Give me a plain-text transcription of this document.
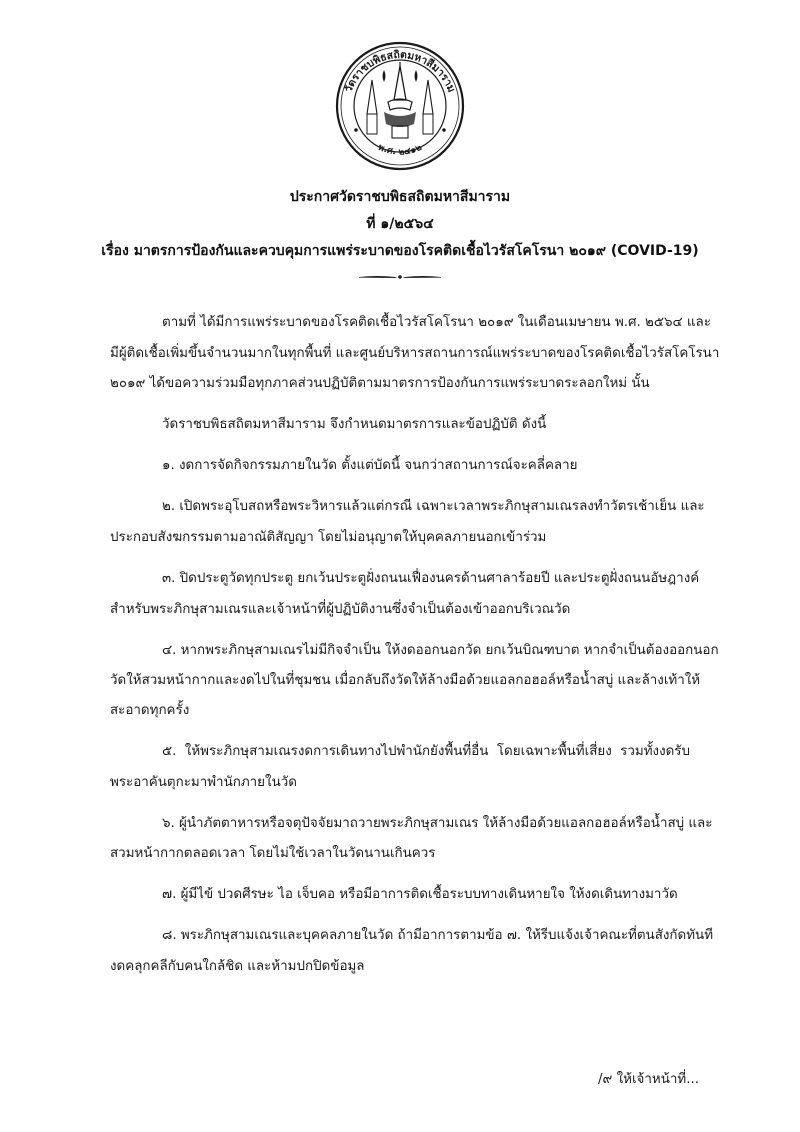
วัดราชบพิธสถิตมหาสีมาราม
พ.ศ. ๒๔๑๒
ประกาศวัดราชบพิธสถิตมหาสีมาราม
ที่ ๑/๒๕๖๔
เรื่อง มาตรการป้องกันและควบคุมการแพร่ระบาดของโรคติดเชื้อไวรัสโคโรนา ๒๐๑๙ (COVID-19)
ตามที่ ได้มีการแพร่ระบาดของโรคติดเชื้อไวรัสโคโรนา ๒๐๑๙ ในเดือนเมษายน พ.ศ. ๒๕๖๔ และ
มีผู้ติดเชื้อเพิ่มขึ้นจำนวนมากในทุกพื้นที่ และศูนย์บริหารสถานการณ์แพร่ระบาดของโรคติดเชื้อไวรัสโคโรนา
๒๐๑๙ ได้ขอความร่วมมือทุกภาคส่วนปฏิบัติตามมาตรการป้องกันการแพร่ระบาดระลอกใหม่ นั้น
วัดราชบพิธสถิตมหาสีมาราม จึงกำหนดมาตรการและข้อปฏิบัติ ดังนี้
๑. งดการจัดกิจกรรมภายในวัด ตั้งแต่บัดนี้ จนกว่าสถานการณ์จะคลี่คลาย
๒. เปิดพระอุโบสถหรือพระวิหารแล้วแต่กรณี เฉพาะเวลาพระภิกษุสามเณรลงทำวัตรเช้าเย็น และ
ประกอบสังฆกรรมตามอาณัติสัญญา โดยไม่อนุญาตให้บุคคลภายนอกเข้าร่วม
๓. ปิดประตูวัดทุกประตู ยกเว้นประตูฝั่งถนนเฟื่องนครด้านศาลาร้อยปี และประตูฝั่งถนนอัษฎางค์
สำหรับพระภิกษุสามเณรและเจ้าหน้าที่ผู้ปฏิบัติงานซึ่งจำเป็นต้องเข้าออกบริเวณวัด
๔. หากพระภิกษุสามเณรไม่มีกิจจำเป็น ให้งดออกนอกวัด ยกเว้นบิณฑบาต หากจำเป็นต้องออกนอก
วัดให้สวมหน้ากากและงดไปในที่ชุมชน เมื่อกลับถึงวัดให้ล้างมือด้วยแอลกอฮอล์หรือน้ำสบู่ และล้างเท้าให้
สะอาดทุกครั้ง
๕. ให้พระภิกษุสามเณรงดการเดินทางไปพำนักยังพื้นที่อื่น โดยเฉพาะพื้นที่เสี่ยง รวมทั้งงดรับ
พระอาคันตุกะมาพำนักภายในวัด
๖. ผู้นำภัตตาหารหรือจตุปัจจัยมาถวายพระภิกษุสามเณร ให้ล้างมือด้วยแอลกอฮอล์หรือน้ำสบู่ และ
สวมหน้ากากตลอดเวลา โดยไม่ใช้เวลาในวัดนานเกินควร
๗. ผู้มีไข้ ปวดศีรษะ ไอ เจ็บคอ หรือมีอาการติดเชื้อระบบทางเดินหายใจ ให้งดเดินทางมาวัด
๘. พระภิกษุสามเณรและบุคคลภายในวัด ถ้ามีอาการตามข้อ ๗. ให้รีบแจ้งเจ้าคณะที่ตนสังกัดทันที
งดคลุกคลีกับคนใกล้ชิด และห้ามปกปิดข้อมูล
/๙ ให้เจ้าหน้าที่...
